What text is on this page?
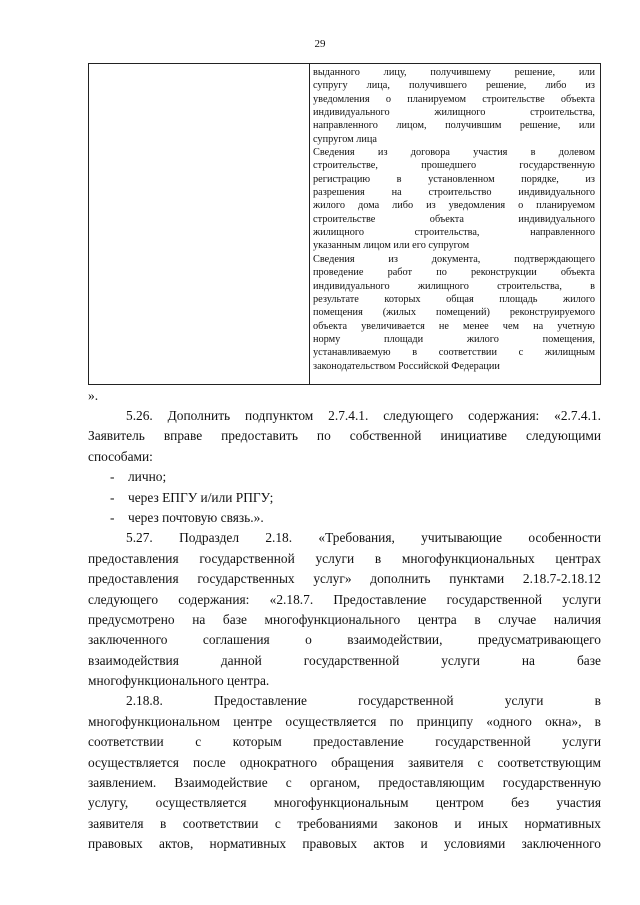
29
выданного лицу, получившему решение, или
супругу лица, получившего решение, либо из
уведомления о планируемом строительстве объекта
индивидуального жилищного строительства,
направленного лицом, получившим решение, или
супругом лица
Сведения из договора участия в долевом
строительстве, прошедшего государственную
регистрацию в установленном порядке, из
разрешения на строительство индивидуального
жилого дома либо из уведомления о планируемом
строительстве объекта индивидуального
жилищного строительства, направленного
указанным лицом или его супругом
Сведения из документа, подтверждающего
проведение работ по реконструкции объекта
индивидуального жилищного строительства, в
результате которых общая площадь жилого
помещения (жилых помещений) реконструируемого
объекта увеличивается не менее чем на учетную
норму площади жилого помещения,
устанавливаемую в соответствии с жилищным
законодательством Российской Федерации
».
5.26. Дополнить подпунктом 2.7.4.1. следующего содержания: «2.7.4.1.
Заявитель вправе предоставить по собственной инициативе следующими
способами:
- лично;
- через ЕПГУ и/или РПГУ;
- через почтовую связь.».
5.27. Подраздел 2.18. «Требования, учитывающие особенности
предоставления государственной услуги в многофункциональных центрах
предоставления государственных услуг» дополнить пунктами 2.18.7-2.18.12
следующего содержания: «2.18.7. Предоставление государственной услуги
предусмотрено на базе многофункционального центра в случае наличия
заключенного соглашения о взаимодействии, предусматривающего
взаимодействия данной государственной услуги на базе
многофункционального центра.
2.18.8. Предоставление государственной услуги в
многофункциональном центре осуществляется по принципу «одного окна», в
соответствии с которым предоставление государственной услуги
осуществляется после однократного обращения заявителя с соответствующим
заявлением. Взаимодействие с органом, предоставляющим государственную
услугу, осуществляется многофункциональным центром без участия
заявителя в соответствии с требованиями законов и иных нормативных
правовых актов, нормативных правовых актов и условиями заключенного
